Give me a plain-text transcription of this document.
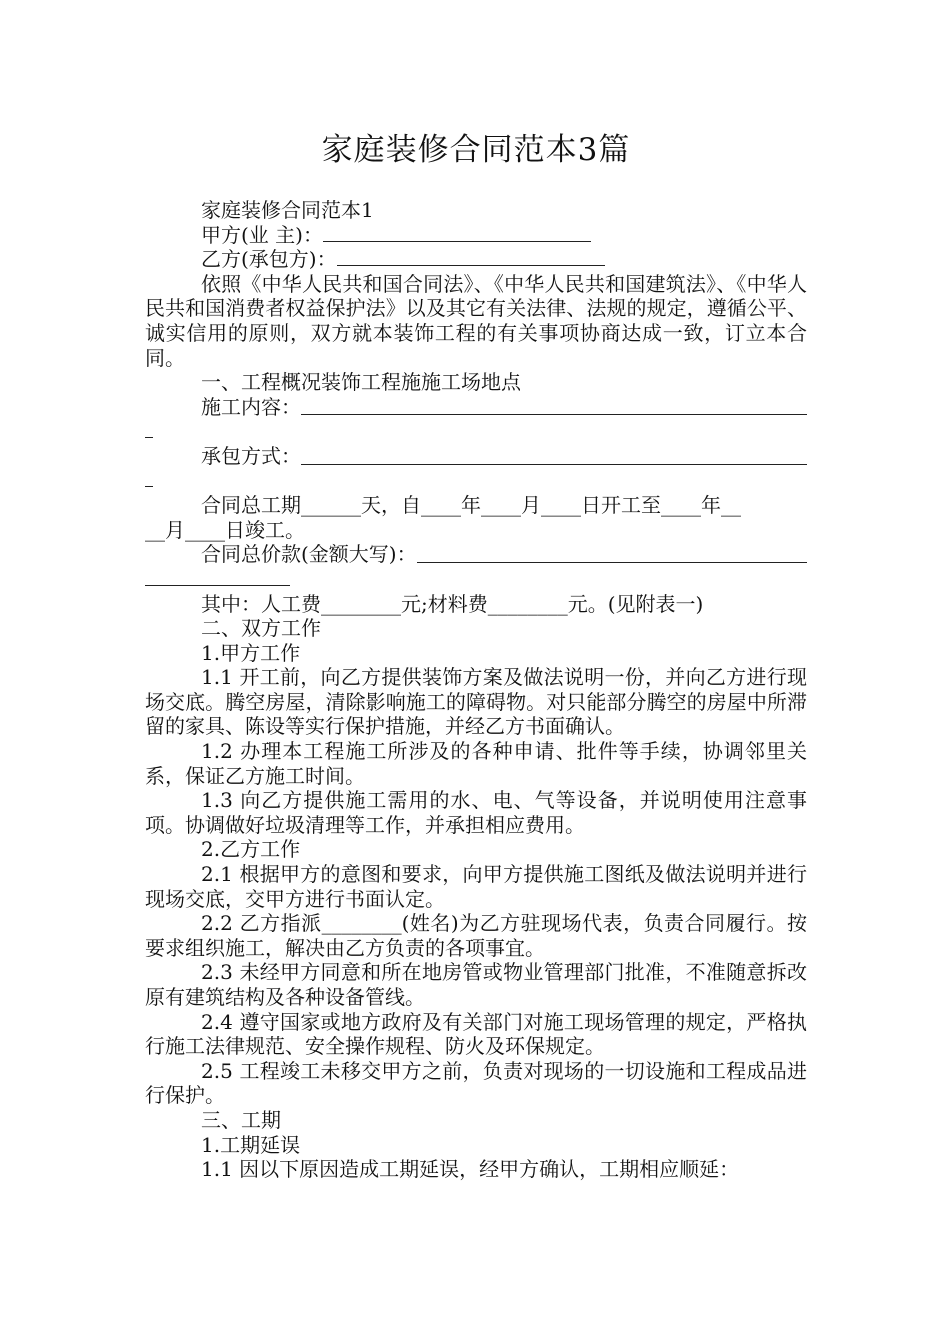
家庭装修合同范本3篇

家庭装修合同范本1

甲方(业 主)：

乙方(承包方)：

依照《中华人民共和国合同法》、《中华人民共和国建筑法》、《中华人民共和国消费者权益保护法》以及其它有关法律、法规的规定，遵循公平、诚实信用的原则，双方就本装饰工程的有关事项协商达成一致，订立本合同。

一、工程概况装饰工程施施工场地点

施工内容：
承包方式：

合同总工期______天，自____年____月____日开工至____年__

__月____日竣工。

合同总价款(金额大写)：

其中：人工费________元;材料费________元。(见附表一)

二、双方工作

1.甲方工作

1.1 开工前，向乙方提供装饰方案及做法说明一份，并向乙方进行现场交底。腾空房屋，清除影响施工的障碍物。对只能部分腾空的房屋中所滞留的家具、陈设等实行保护措施，并经乙方书面确认。

1.2 办理本工程施工所涉及的各种申请、批件等手续，协调邻里关系，保证乙方施工时间。

1.3 向乙方提供施工需用的水、电、气等设备，并说明使用注意事项。协调做好垃圾清理等工作，并承担相应费用。

2.乙方工作

2.1 根据甲方的意图和要求，向甲方提供施工图纸及做法说明并进行现场交底，交甲方进行书面认定。

2.2 乙方指派________(姓名)为乙方驻现场代表，负责合同履行。按要求组织施工，解决由乙方负责的各项事宜。

2.3 未经甲方同意和所在地房管或物业管理部门批准，不准随意拆改原有建筑结构及各种设备管线。

2.4 遵守国家或地方政府及有关部门对施工现场管理的规定，严格执行施工法律规范、安全操作规程、防火及环保规定。

2.5 工程竣工未移交甲方之前，负责对现场的一切设施和工程成品进行保护。

三、工期

1.工期延误

1.1 因以下原因造成工期延误，经甲方确认，工期相应顺延：
